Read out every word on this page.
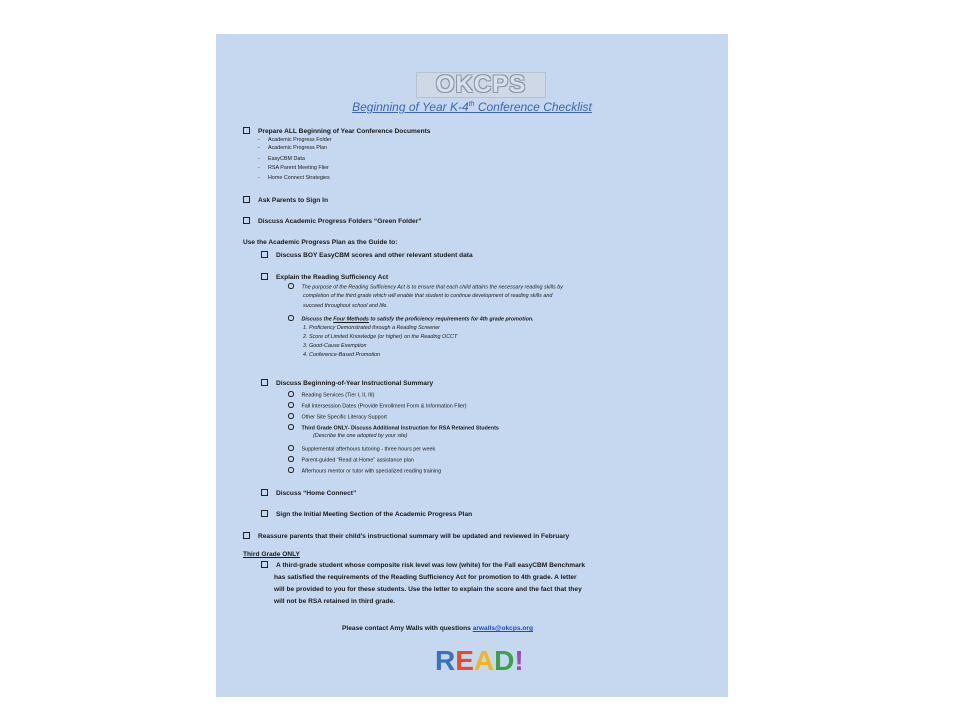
OKCPS
Beginning of Year K-4th Conference Checklist
Prepare ALL Beginning of Year Conference Documents
- Academic Progress Folder
- Academic Progress Plan
- EasyCBM Data
- RSA Parent Meeting Flier
- Home Connect Strategies
Ask Parents to Sign In
Discuss Academic Progress Folders “Green Folder”
Use the Academic Progress Plan as the Guide to:
Discuss BOY EasyCBM scores and other relevant student data
Explain the Reading Sufficiency Act
The purpose of the Reading Sufficiency Act is to ensure that each child attains the necessary reading skills by
completion of the third grade which will enable that student to continue development of reading skills and
succeed throughout school and life.
Discuss the Four Methods to satisfy the proficiency requirements for 4th grade promotion.
1. Proficiency Demonstrated through a Reading Screener
2. Score of Limited Knowledge (or higher) on the Reading OCCT
3. Good-Cause Exemption
4. Conference-Based Promotion
Discuss Beginning-of-Year Instructional Summary
Reading Services (Tier I, II, III)
Fall Intersession Dates (Provide Enrollment Form & Information Flier)
Other Site Specific Literacy Support
Third Grade ONLY- Discuss Additional Instruction for RSA Retained Students
(Describe the one adopted by your site)
Supplemental afterhours tutoring - three hours per week
Parent-guided “Read at Home” assistance plan
Afterhours mentor or tutor with specialized reading training
Discuss “Home Connect”
Sign the Initial Meeting Section of the Academic Progress Plan
Reassure parents that their child’s instructional summary will be updated and reviewed in February
Third Grade ONLY
A third-grade student whose composite risk level was low (white) for the Fall easyCBM Benchmark
has satisfied the requirements of the Reading Sufficiency Act for promotion to 4th grade. A letter
will be provided to you for these students. Use the letter to explain the score and the fact that they
will not be RSA retained in third grade.
Please contact Amy Walls with questions arwalls@okcps.org
READ!
